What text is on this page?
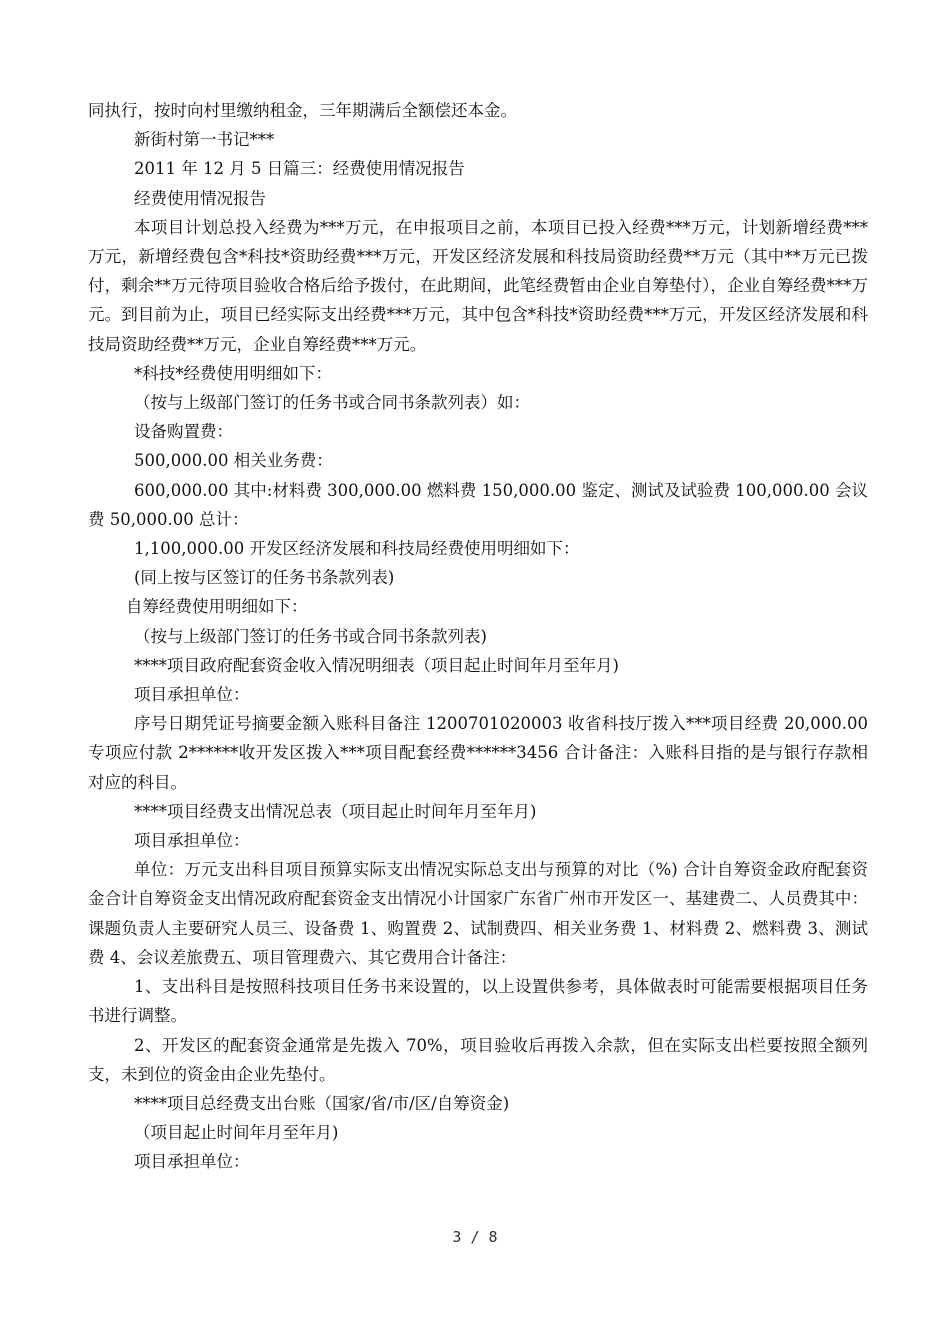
同执行，按时向村里缴纳租金，三年期满后全额偿还本金。

新街村第一书记***

2011 年 12 月 5 日篇三：经费使用情况报告

经费使用情况报告

本项目计划总投入经费为***万元，在申报项目之前，本项目已投入经费***万元，计划新增经费***万元，新增经费包含*科技*资助经费***万元，开发区经济发展和科技局资助经费**万元（其中**万元已拨付，剩余**万元待项目验收合格后给予拨付，在此期间，此笔经费暂由企业自筹垫付），企业自筹经费***万元。到目前为止，项目已经实际支出经费***万元，其中包含*科技*资助经费***万元，开发区经济发展和科技局资助经费**万元，企业自筹经费***万元。

*科技*经费使用明细如下：

（按与上级部门签订的任务书或合同书条款列表）如：

设备购置费：

500,000.00 相关业务费：

600,000.00 其中:材料费 300,000.00 燃料费 150,000.00 鉴定、测试及试验费 100,000.00 会议费 50,000.00 总计：

1,100,000.00 开发区经济发展和科技局经费使用明细如下：

(同上按与区签订的任务书条款列表)

自筹经费使用明细如下：

（按与上级部门签订的任务书或合同书条款列表)

****项目政府配套资金收入情况明细表（项目起止时间年月至年月)

项目承担单位：

序号日期凭证号摘要金额入账科目备注 1200701020003 收省科技厅拨入***项目经费 20,000.00 专项应付款 2******收开发区拨入***项目配套经费******3456 合计备注：入账科目指的是与银行存款相对应的科目。

****项目经费支出情况总表（项目起止时间年月至年月)

项目承担单位：

单位：万元支出科目项目预算实际支出情况实际总支出与预算的对比（%) 合计自筹资金政府配套资金合计自筹资金支出情况政府配套资金支出情况小计国家广东省广州市开发区一、基建费二、人员费其中：课题负责人主要研究人员三、设备费 1、购置费 2、试制费四、相关业务费 1、材料费 2、燃料费 3、测试费 4、会议差旅费五、项目管理费六、其它费用合计备注：

1、支出科目是按照科技项目任务书来设置的，以上设置供参考，具体做表时可能需要根据项目任务书进行调整。

2、开发区的配套资金通常是先拨入 70%，项目验收后再拨入余款，但在实际支出栏要按照全额列支，未到位的资金由企业先垫付。

****项目总经费支出台账（国家/省/市/区/自筹资金)

（项目起止时间年月至年月)

项目承担单位：

3 / 8
